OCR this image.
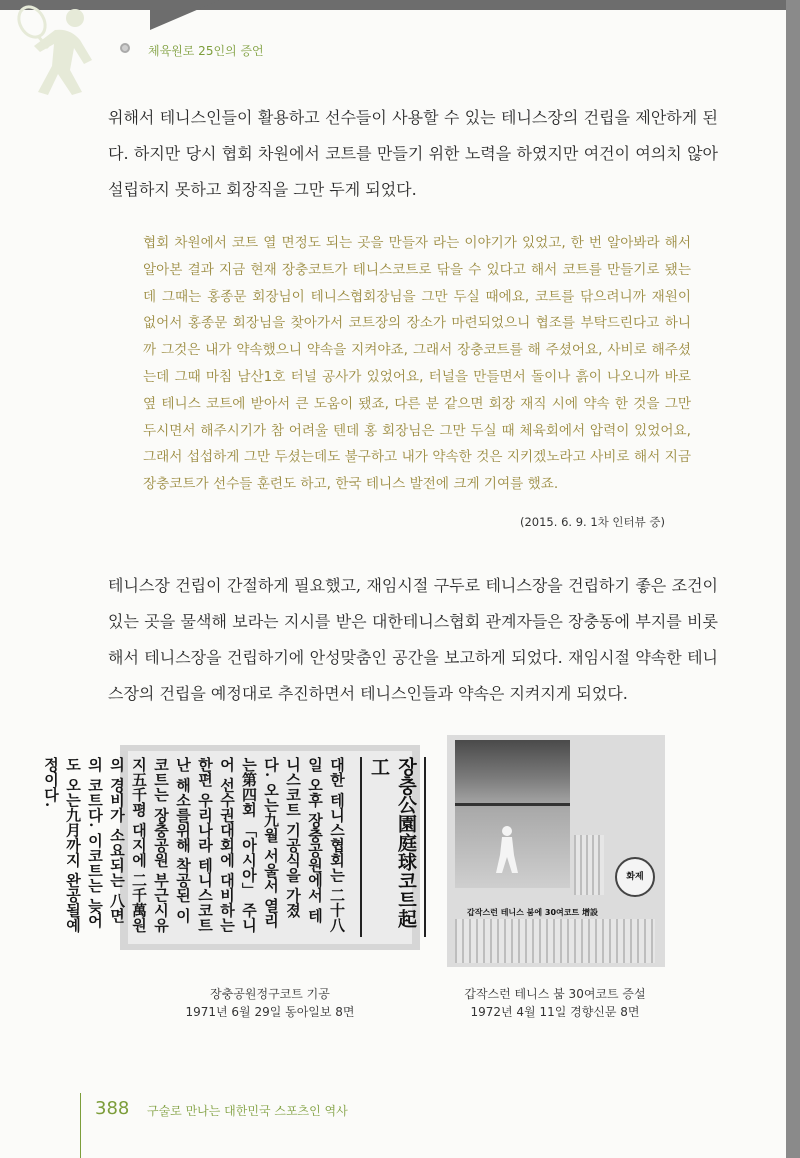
체육원로 25인의 증언

위해서 테니스인들이 활용하고 선수들이 사용할 수 있는 테니스장의 건립을 제안하게 된다. 하지만 당시 협회 차원에서 코트를 만들기 위한 노력을 하였지만 여건이 여의치 않아 설립하지 못하고 회장직을 그만 두게 되었다.

협회 차원에서 코트 열 면정도 되는 곳을 만들자 라는 이야기가 있었고, 한 번 알아봐라 해서 알아본 결과 지금 현재 장충코트가 테니스코트로 닦을 수 있다고 해서 코트를 만들기로 됐는데 그때는 홍종문 회장님이 테니스협회장님을 그만 두실 때에요, 코트를 닦으려니까 재원이 없어서 홍종문 회장님을 찾아가서 코트장의 장소가 마련되었으니 협조를 부탁드린다고 하니까 그것은 내가 약속했으니 약속을 지켜야죠, 그래서 장충코트를 해 주셨어요, 사비로 해주셨는데 그때 마침 남산1호 터널 공사가 있었어요, 터널을 만들면서 돌이나 흙이 나오니까 바로 옆 테니스 코트에 받아서 큰 도움이 됐죠, 다른 분 같으면 회장 재직 시에 약속 한 것을 그만 두시면서 해주시기가 참 어려울 텐데 홍 회장님은 그만 두실 때 체육회에서 압력이 있었어요, 그래서 섭섭하게 그만 두셨는데도 불구하고 내가 약속한 것은 지키겠노라고 사비로 해서 지금 장충코트가 선수들 훈련도 하고, 한국 테니스 발전에 크게 기여를 했죠.

(2015. 6. 9. 1차 인터뷰 중)

테니스장 건립이 간절하게 필요했고, 재임시절 구두로 테니스장을 건립하기 좋은 조건이 있는 곳을 물색해 보라는 지시를 받은 대한테니스협회 관계자들은 장충동에 부지를 비롯해서 테니스장을 건립하기에 안성맞춤인 공간을 보고하게 되었다. 재임시절 약속한 테니스장의 건립을 예정대로 추진하면서 테니스인들과 약속은 지켜지게 되었다.

장충公園庭球코트起工
대한 테니스협회는 二十八일 오후 장충공원에서 테니스코트 기공식을 가졌다. 오는九월 서울서 열리는第四회 「아시아」 주니어 선수권대회에 대비하는 한편 우리나라 테니스코트난 해소를위해 착공된 이 코트는 장충공원 부근시유지五千평 대지에 二千萬원의 경비가 소요되는 八면의 코트다. 이코트는 늦어도 오는九月까지 완공될예정이다.
화제
갑작스런 테니스 붐에 30여코트 增設
장충공원정구코트 기공
1971년 6월 29일 동아일보 8면
갑작스런 테니스 붐 30여코트 증설
1972년 4월 11일 경향신문 8면
388 구술로 만나는 대한민국 스포츠인 역사
